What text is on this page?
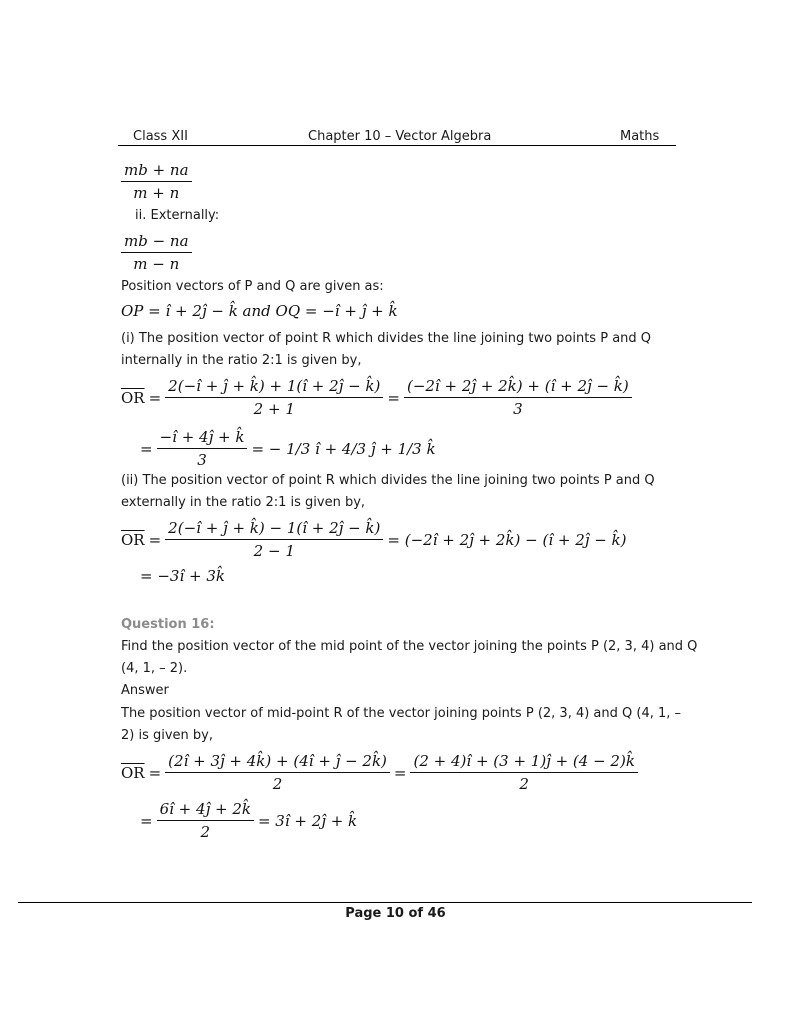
Class XII	Chapter 10 – Vector Algebra	Maths
$\frac{mb + na}{m + n}$
ii. Externally:
$\frac{mb - na}{m - n}$
Position vectors of P and Q are given as:
OP = î + 2ĵ − k̂ and OQ = −î + ĵ + k̂
(i) The position vector of point R which divides the line joining two points P and Q
internally in the ratio 2:1 is given by,
$\overline{OR} = \frac{2(-î + ĵ + k̂) + 1(î + 2ĵ - k̂)}{2 + 1} = \frac{(-2î + 2ĵ + 2k̂) + (î + 2ĵ - k̂)}{3}$
= $\frac{-î + 4ĵ + k̂}{3}$ = − 1/3 î + 4/3 ĵ + 1/3 k̂
(ii) The position vector of point R which divides the line joining two points P and Q
externally in the ratio 2:1 is given by,
$\overline{OR} = \frac{2(-î + ĵ + k̂) - 1(î + 2ĵ - k̂)}{2 - 1}$ = (−2î + 2ĵ + 2k̂) − (î + 2ĵ − k̂)
= −3î + 3k̂
Question 16:
Find the position vector of the mid point of the vector joining the points P (2, 3, 4) and Q
(4, 1, – 2).
Answer
The position vector of mid-point R of the vector joining points P (2, 3, 4) and Q (4, 1, –
2) is given by,
$\overline{OR} = \frac{(2î + 3ĵ + 4k̂) + (4î + ĵ - 2k̂)}{2} = \frac{(2 + 4)î + (3 + 1)ĵ + (4 - 2)k̂}{2}$
= $\frac{6î + 4ĵ + 2k̂}{2}$ = 3î + 2ĵ + k̂
Page 10 of 46
